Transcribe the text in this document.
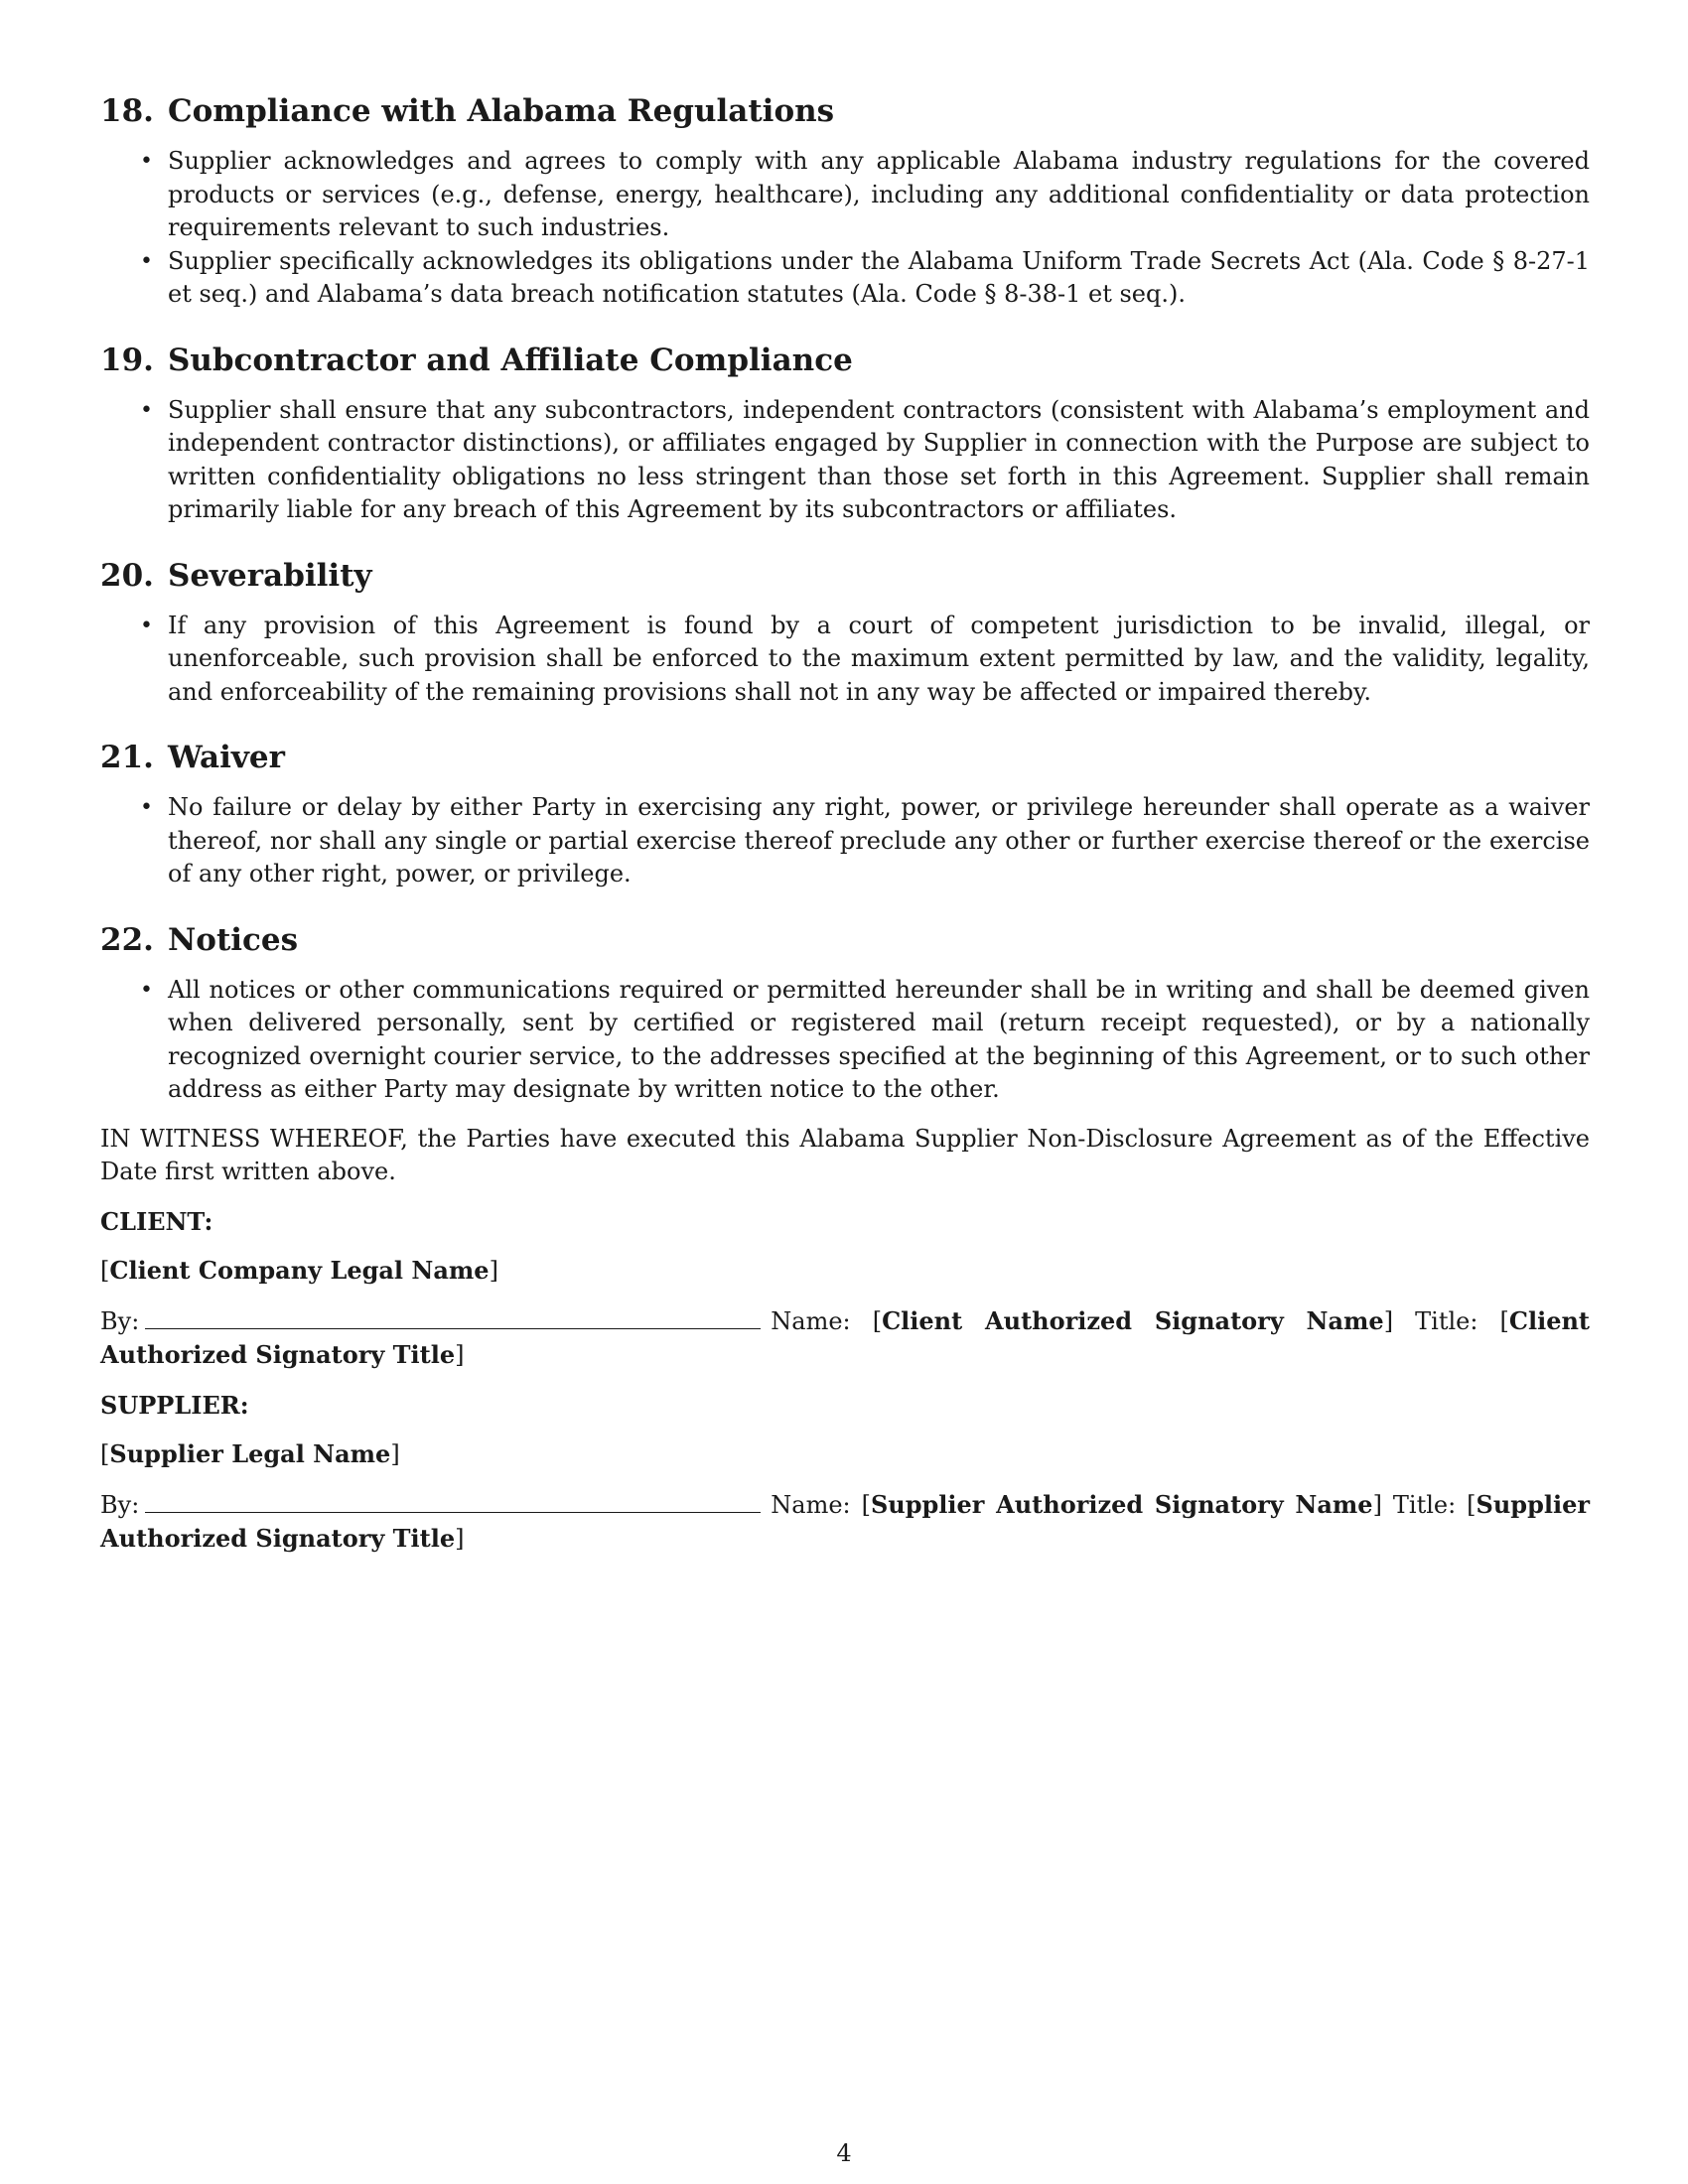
18. Compliance with Alabama Regulations
• Supplier acknowledges and agrees to comply with any applicable Alabama industry regulations for the covered products or services (e.g., defense, energy, healthcare), including any additional confidentiality or data protection requirements relevant to such industries.
• Supplier specifically acknowledges its obligations under the Alabama Uniform Trade Secrets Act (Ala. Code § 8-27-1 et seq.) and Alabama’s data breach notification statutes (Ala. Code § 8-38-1 et seq.).
19. Subcontractor and Affiliate Compliance
• Supplier shall ensure that any subcontractors, independent contractors (consistent with Alabama’s employment and independent contractor distinctions), or affiliates engaged by Supplier in connection with the Purpose are subject to written confidentiality obligations no less stringent than those set forth in this Agreement. Supplier shall remain primarily liable for any breach of this Agreement by its subcontractors or affiliates.
20. Severability
• If any provision of this Agreement is found by a court of competent jurisdiction to be invalid, illegal, or unenforceable, such provision shall be enforced to the maximum extent permitted by law, and the validity, legality, and enforceability of the remaining provisions shall not in any way be affected or impaired thereby.
21. Waiver
• No failure or delay by either Party in exercising any right, power, or privilege hereunder shall operate as a waiver thereof, nor shall any single or partial exercise thereof preclude any other or further exercise thereof or the exercise of any other right, power, or privilege.
22. Notices
• All notices or other communications required or permitted hereunder shall be in writing and shall be deemed given when delivered personally, sent by certified or registered mail (return receipt requested), or by a nationally recognized overnight courier service, to the addresses specified at the beginning of this Agreement, or to such other address as either Party may designate by written notice to the other.

IN WITNESS WHEREOF, the Parties have executed this Alabama Supplier Non-Disclosure Agreement as of the Effective Date first written above.

CLIENT:
[Client Company Legal Name]
By:	Name: [Client Authorized Signatory Name] Title: [Client Authorized Signatory Title]
SUPPLIER:
[Supplier Legal Name]
By:	Name: [Supplier Authorized Signatory Name] Title: [Supplier Authorized Signatory Title]
4
